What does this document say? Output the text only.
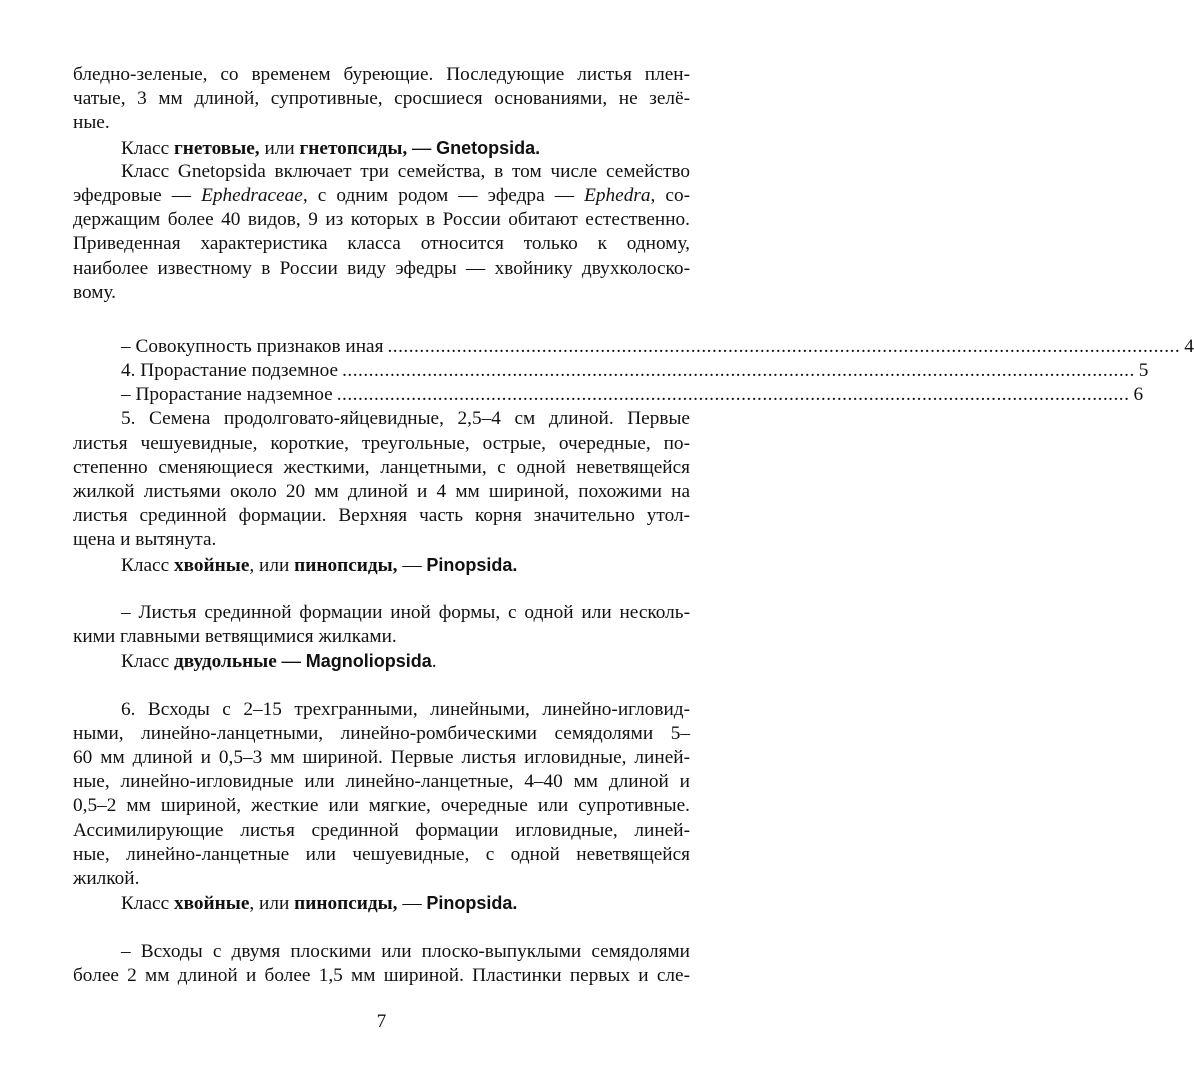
бледно-зеленые, со временем буреющие. Последующие листья плен-
чатые, 3 мм длиной, супротивные, сросшиеся основаниями, не зелё-
ные.
Класс гнетовые, или гнетопсиды, — Gnetopsida.
Класс Gnetopsida включает три семейства, в том числе семейство
эфедровые — Ephedraceae, с одним родом — эфедра — Ephedra, со-
держащим более 40 видов, 9 из которых в России обитают естественно.
Приведенная характеристика класса относится только к одному,
наиболее известному в России виду эфедры — хвойнику двухколоско-
вому.
– Совокупность признаков иная ..................................................................................................................................................... 4
4. Прорастание подземное ..................................................................................................................................................... 5
– Прорастание надземное ..................................................................................................................................................... 6
5. Семена продолговато-яйцевидные, 2,5–4 см длиной. Первые
листья чешуевидные, короткие, треугольные, острые, очередные, по-
степенно сменяющиеся жесткими, ланцетными, с одной неветвящейся
жилкой листьями около 20 мм длиной и 4 мм шириной, похожими на
листья срединной формации. Верхняя часть корня значительно утол-
щена и вытянута.
Класс хвойные, или пинопсиды, — Pinopsida.
– Листья срединной формации иной формы, с одной или несколь-
кими главными ветвящимися жилками.
Класс двудольные — Magnoliopsida.
6. Всходы с 2–15 трехгранными, линейными, линейно-игловид-
ными, линейно-ланцетными, линейно-ромбическими семядолями 5–
60 мм длиной и 0,5–3 мм шириной. Первые листья игловидные, линей-
ные, линейно-игловидные или линейно-ланцетные, 4–40 мм длиной и
0,5–2 мм шириной, жесткие или мягкие, очередные или супротивные.
Ассимилирующие листья срединной формации игловидные, линей-
ные, линейно-ланцетные или чешуевидные, с одной неветвящейся
жилкой.
Класс хвойные, или пинопсиды, — Pinopsida.
– Всходы с двумя плоскими или плоско-выпуклыми семядолями
более 2 мм длиной и более 1,5 мм шириной. Пластинки первых и сле-
7
